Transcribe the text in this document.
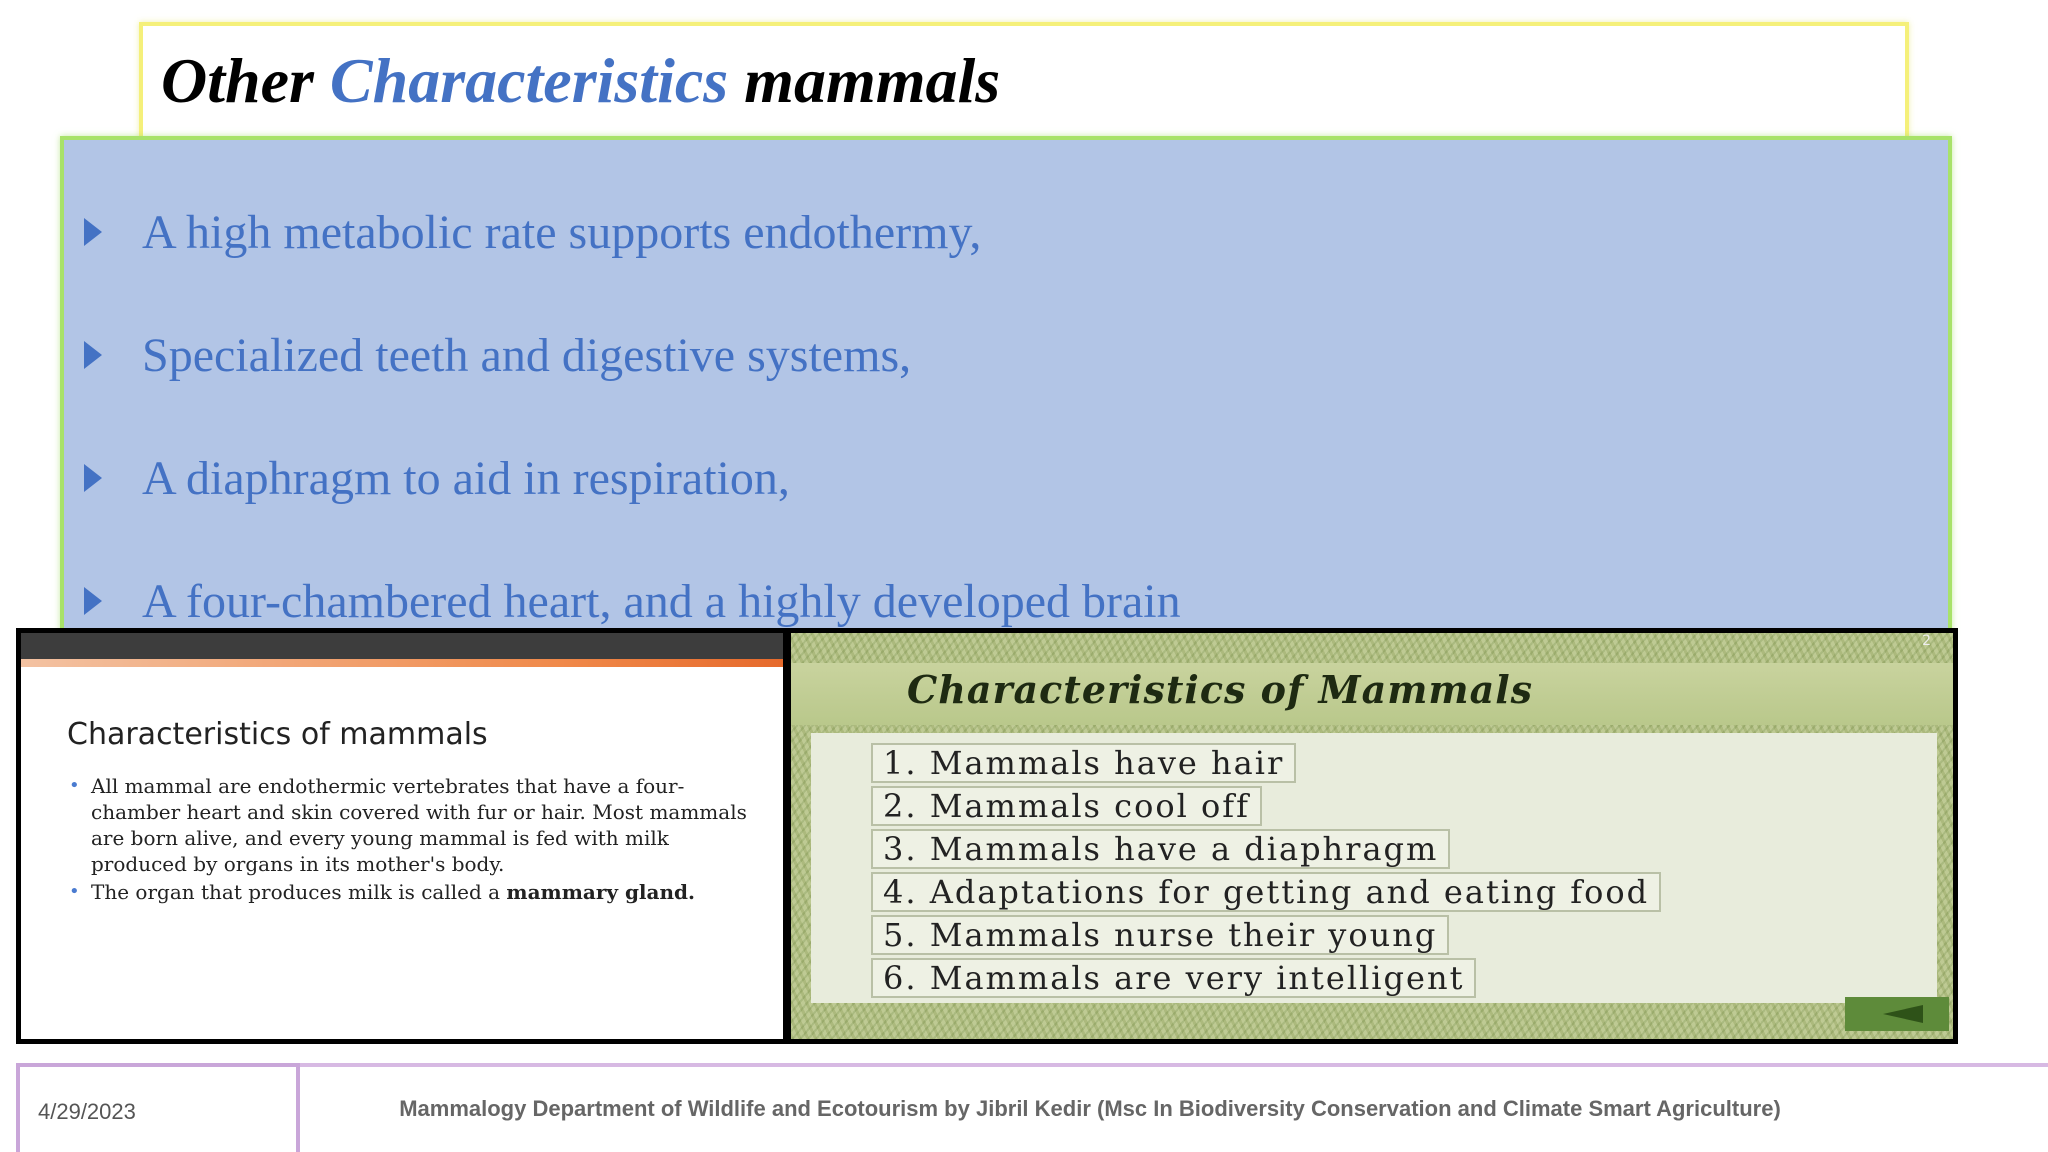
Other Characteristics mammals
A high metabolic rate supports endothermy,
Specialized teeth and digestive systems,
A diaphragm to aid in respiration,
A four-chambered heart, and a highly developed brain
Characteristics of mammals
• All mammal are endothermic vertebrates that have a four-chamber heart and skin covered with fur or hair. Most mammals are born alive, and every young mammal is fed with milk produced by organs in its mother's body.
• The organ that produces milk is called a mammary gland.
2
Characteristics of Mammals
1. Mammals have hair
2. Mammals cool off
3. Mammals have a diaphragm
4. Adaptations for getting and eating food
5. Mammals nurse their young
6. Mammals are very intelligent
4/29/2023	Mammalogy Department of Wildlife and Ecotourism by Jibril Kedir (Msc In Biodiversity Conservation and Climate Smart Agriculture)
